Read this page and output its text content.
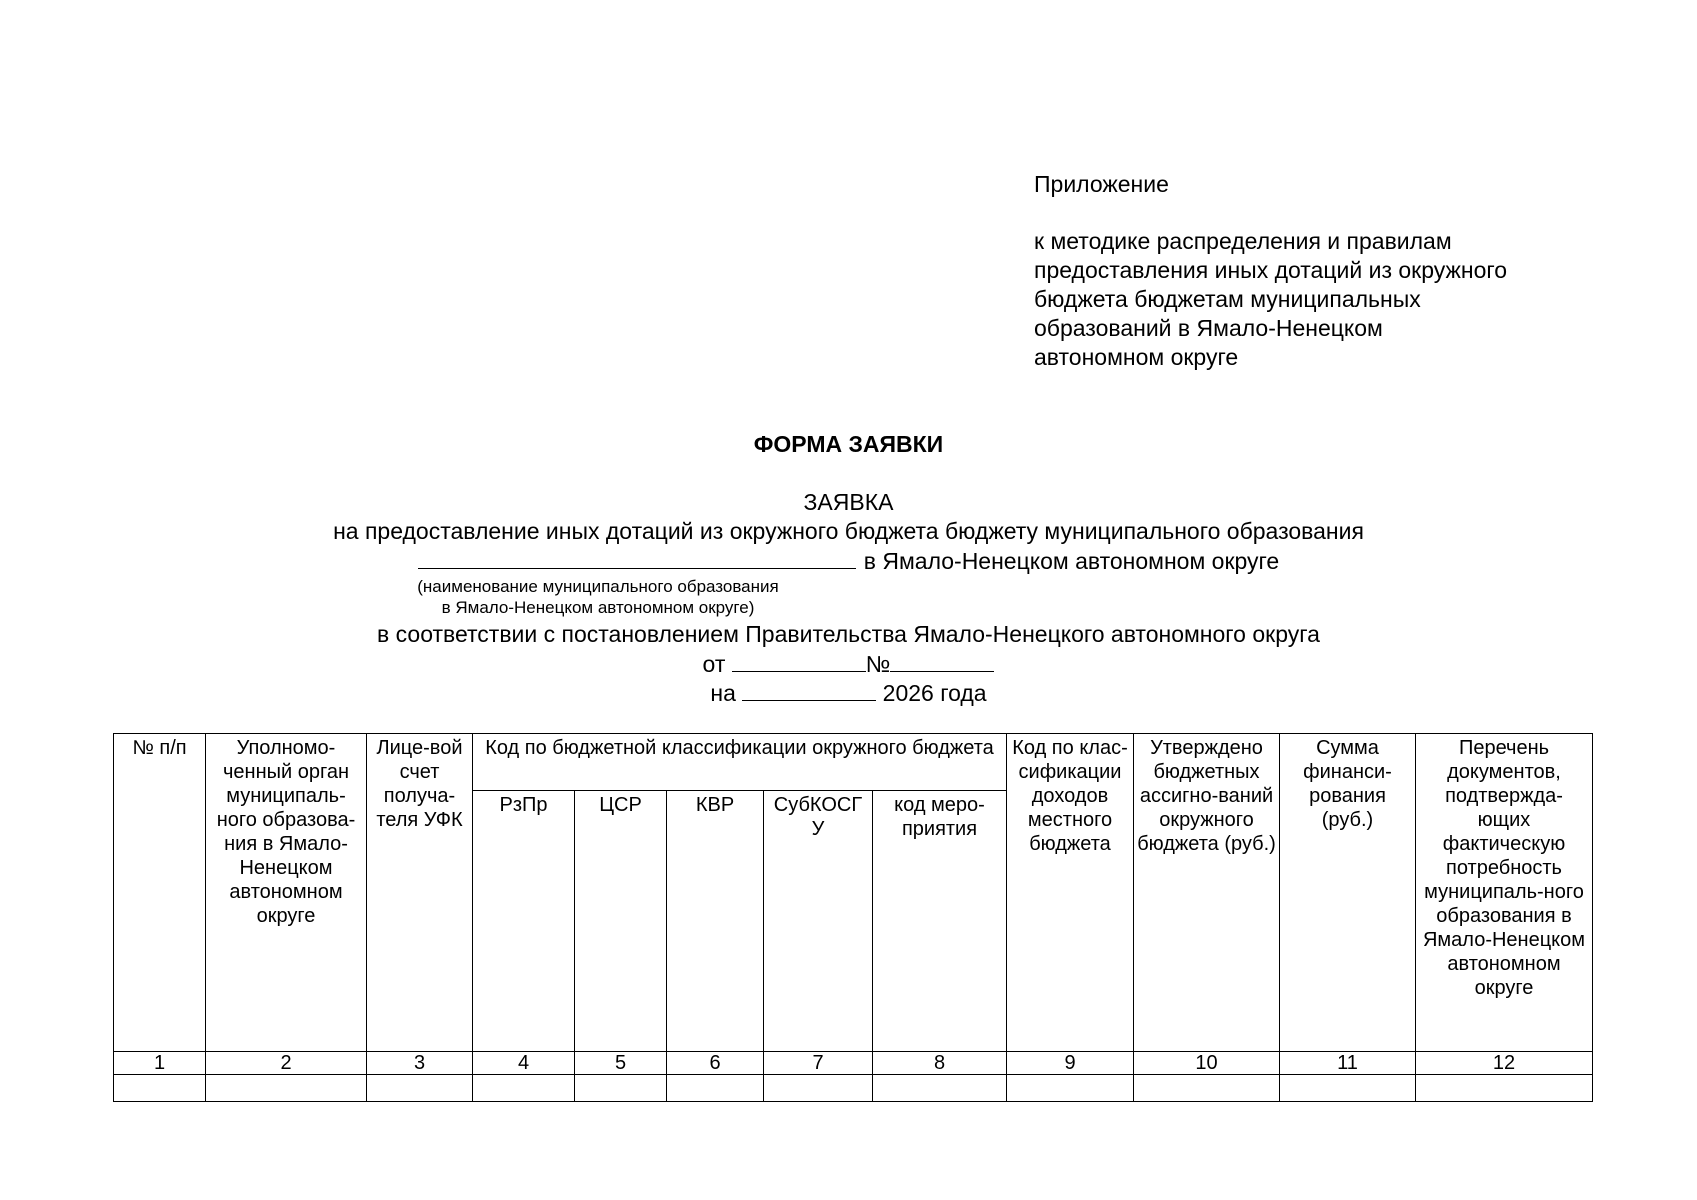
Приложение
к методике распределения и правилам
предоставления иных дотаций из окружного
бюджета бюджетам муниципальных
образований в Ямало-Ненецком
автономном округе
ФОРМА ЗАЯВКИ
ЗАЯВКА
на предоставление иных дотаций из окружного бюджета бюджету муниципального образования
в Ямало-Ненецком автономном округе
(наименование муниципального образования
в Ямало-Ненецком автономном округе)
в соответствии с постановлением Правительства Ямало-Ненецкого автономного округа
от	№
на	2026 года
№ п/п	Уполномо-ченный орган муниципаль-ного образова-ния в Ямало-Ненецком автономном округе	Лице-вой счет получа-теля УФК	Код по бюджетной классификации окружного бюджета					Код по клас-сификации доходов местного бюджета	Утверждено бюджетных ассигно-ваний окружного бюджета (руб.)	Сумма финанси-рования (руб.)	Перечень документов, подтвержда-ющих фактическую потребность муниципаль-ного образования в Ямало-Ненецком автономном округе

			РзПр	ЦСР	КВР	СубКОСГ У	код меро-приятия				

1	2	3	4	5	6	7	8	9	10	11	12
